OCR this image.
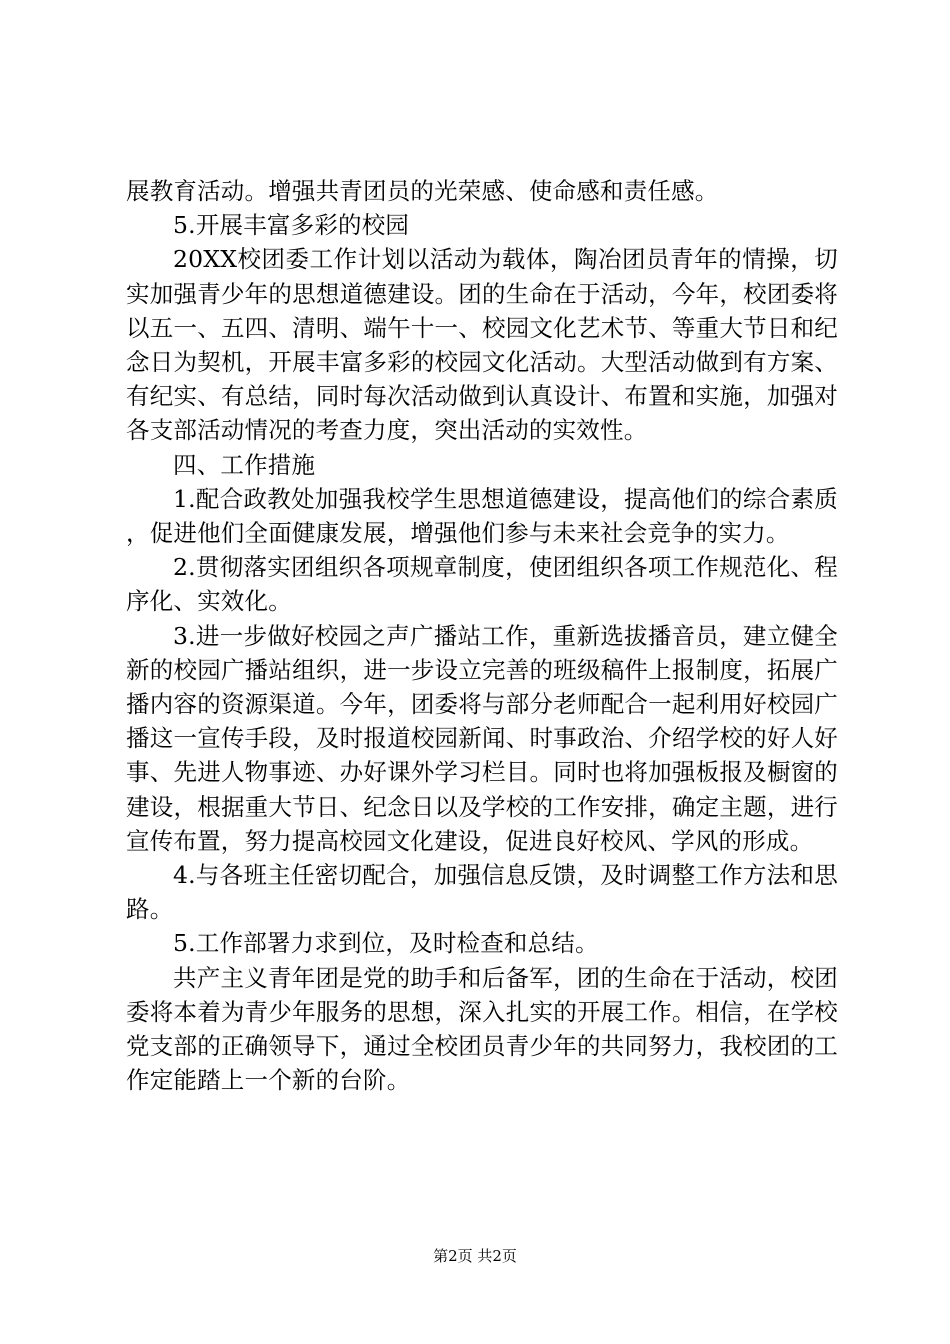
展教育活动。增强共青团员的光荣感、使命感和责任感。

5.开展丰富多彩的校园

20XX校团委工作计划以活动为载体，陶冶团员青年的情操，切实加强青少年的思想道德建设。团的生命在于活动，今年，校团委将以五一、五四、清明、端午十一、校园文化艺术节、等重大节日和纪念日为契机，开展丰富多彩的校园文化活动。大型活动做到有方案、有纪实、有总结，同时每次活动做到认真设计、布置和实施，加强对各支部活动情况的考查力度，突出活动的实效性。

四、工作措施

1.配合政教处加强我校学生思想道德建设，提高他们的综合素质，促进他们全面健康发展，增强他们参与未来社会竞争的实力。

2.贯彻落实团组织各项规章制度，使团组织各项工作规范化、程序化、实效化。

3.进一步做好校园之声广播站工作，重新选拔播音员，建立健全新的校园广播站组织，进一步设立完善的班级稿件上报制度，拓展广播内容的资源渠道。今年，团委将与部分老师配合一起利用好校园广播这一宣传手段，及时报道校园新闻、时事政治、介绍学校的好人好事、先进人物事迹、办好课外学习栏目。同时也将加强板报及橱窗的建设，根据重大节日、纪念日以及学校的工作安排，确定主题，进行宣传布置，努力提高校园文化建设，促进良好校风、学风的形成。

4.与各班主任密切配合，加强信息反馈，及时调整工作方法和思路。

5.工作部署力求到位，及时检查和总结。

共产主义青年团是党的助手和后备军，团的生命在于活动，校团委将本着为青少年服务的思想，深入扎实的开展工作。相信，在学校党支部的正确领导下，通过全校团员青少年的共同努力，我校团的工作定能踏上一个新的台阶。

第2页 共2页
